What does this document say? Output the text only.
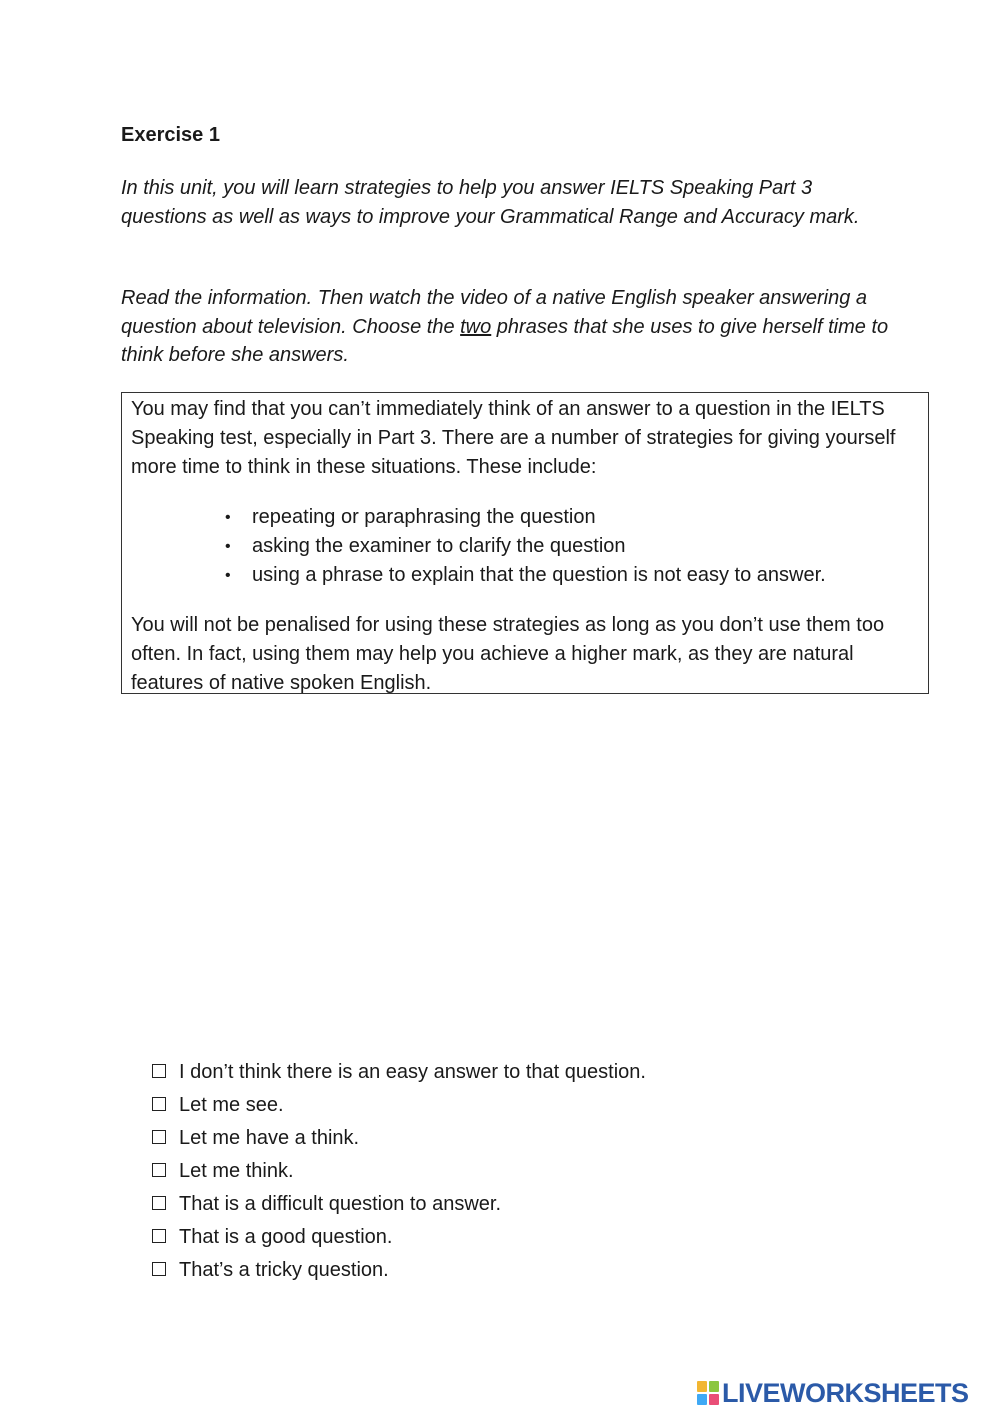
Exercise 1

In this unit, you will learn strategies to help you answer IELTS Speaking Part 3 questions as well as ways to improve your Grammatical Range and Accuracy mark.

Read the information. Then watch the video of a native English speaker answering a question about television. Choose the two phrases that she uses to give herself time to think before she answers.

You may find that you can’t immediately think of an answer to a question in the IELTS Speaking test, especially in Part 3. There are a number of strategies for giving yourself more time to think in these situations. These include:

• repeating or paraphrasing the question
• asking the examiner to clarify the question
• using a phrase to explain that the question is not easy to answer.

You will not be penalised for using these strategies as long as you don’t use them too often. In fact, using them may help you achieve a higher mark, as they are natural features of native spoken English.

I don’t think there is an easy answer to that question.
Let me see.
Let me have a think.
Let me think.
That is a difficult question to answer.
That is a good question.
That’s a tricky question.
LIVEWORKSHEETS
